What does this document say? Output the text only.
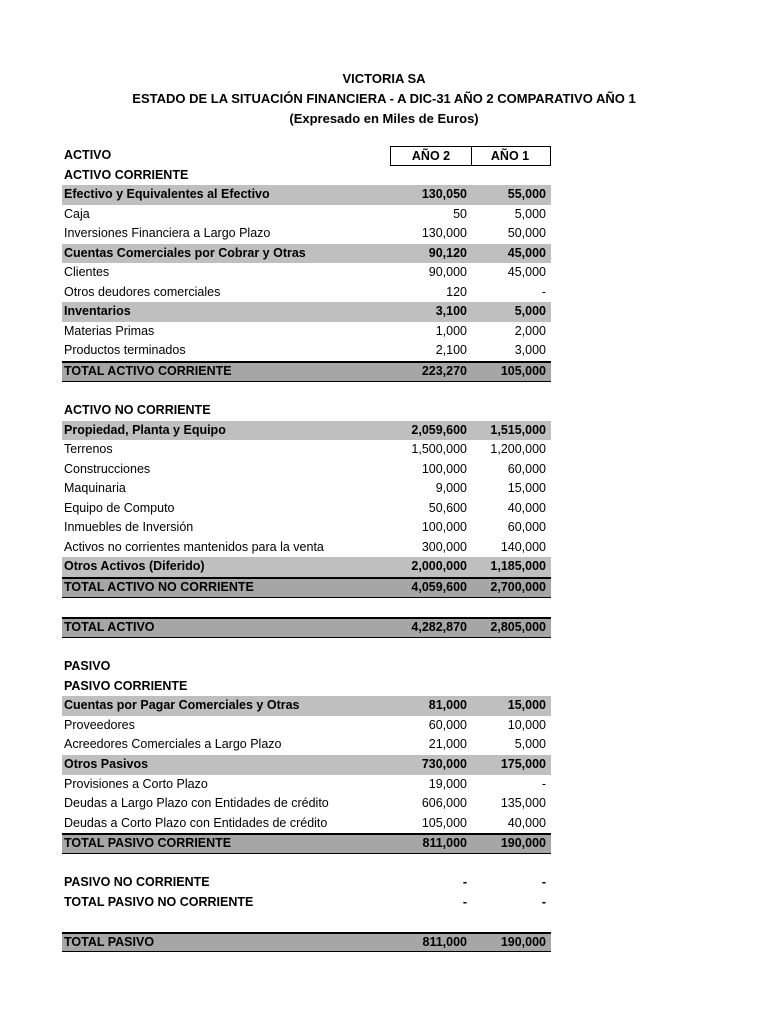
VICTORIA SA
ESTADO DE LA SITUACIÓN FINANCIERA - A DIC-31 AÑO 2 COMPARATIVO AÑO 1
(Expresado en Miles de Euros)
ACTIVO	AÑO 2	AÑO 1
ACTIVO CORRIENTE
Efectivo y Equivalentes al Efectivo	130,050	55,000
Caja	50	5,000
Inversiones Financiera a Largo Plazo	130,000	50,000
Cuentas Comerciales por Cobrar y Otras	90,120	45,000
Clientes	90,000	45,000
Otros deudores comerciales	120	-
Inventarios	3,100	5,000
Materias Primas	1,000	2,000
Productos terminados	2,100	3,000
TOTAL ACTIVO CORRIENTE	223,270	105,000
ACTIVO NO CORRIENTE
Propiedad, Planta y Equipo	2,059,600	1,515,000
Terrenos	1,500,000	1,200,000
Construcciones	100,000	60,000
Maquinaria	9,000	15,000
Equipo de Computo	50,600	40,000
Inmuebles de Inversión	100,000	60,000
Activos no corrientes mantenidos para la venta	300,000	140,000
Otros Activos (Diferido)	2,000,000	1,185,000
TOTAL ACTIVO NO CORRIENTE	4,059,600	2,700,000
TOTAL ACTIVO	4,282,870	2,805,000
PASIVO
PASIVO CORRIENTE
Cuentas por Pagar Comerciales y Otras	81,000	15,000
Proveedores	60,000	10,000
Acreedores Comerciales a Largo Plazo	21,000	5,000
Otros Pasivos	730,000	175,000
Provisiones a Corto Plazo	19,000	-
Deudas a Largo Plazo con Entidades de crédito	606,000	135,000
Deudas a Corto Plazo con Entidades de crédito	105,000	40,000
TOTAL PASIVO CORRIENTE	811,000	190,000
PASIVO NO CORRIENTE	-	-
TOTAL PASIVO NO CORRIENTE	-	-
TOTAL PASIVO	811,000	190,000
